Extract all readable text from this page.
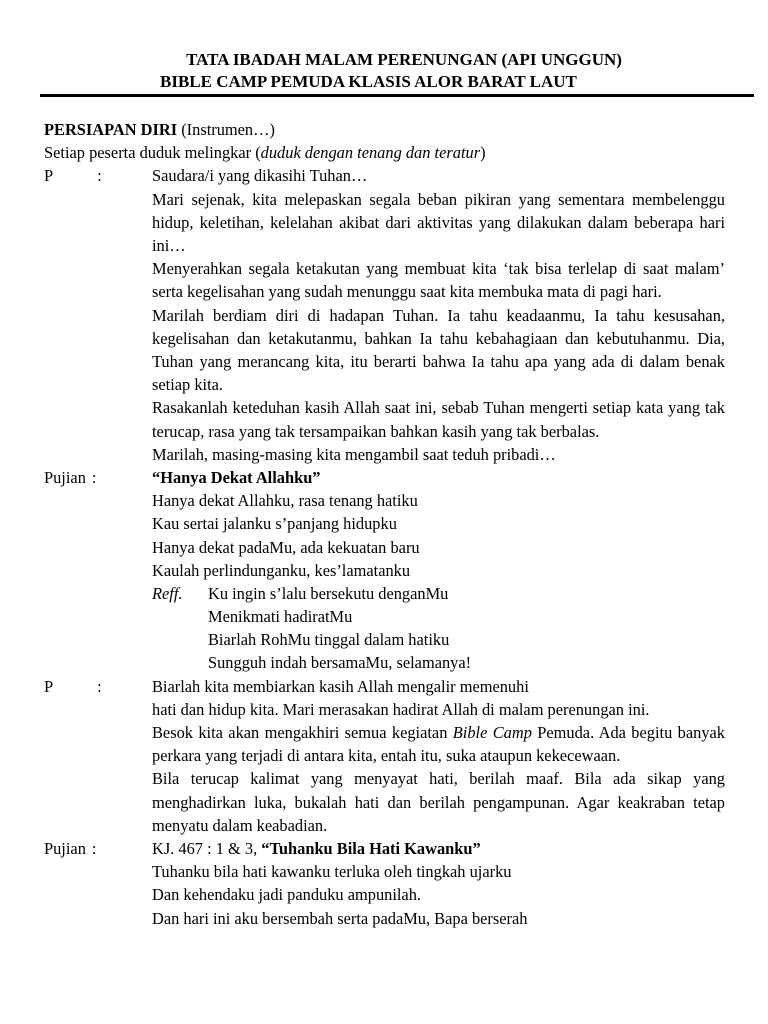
TATA IBADAH MALAM PERENUNGAN (API UNGGUN)
BIBLE CAMP PEMUDA KLASIS ALOR BARAT LAUT
PERSIAPAN DIRI (Instrumen…)
Setiap peserta duduk melingkar (duduk dengan tenang dan teratur)
P	:	Saudara/i yang dikasihi Tuhan…
Mari sejenak, kita melepaskan segala beban pikiran yang sementara membelenggu hidup, keletihan, kelelahan akibat dari aktivitas yang dilakukan dalam beberapa hari ini…
Menyerahkan segala ketakutan yang membuat kita ‘tak bisa terlelap di saat malam’ serta kegelisahan yang sudah menunggu saat kita membuka mata di pagi hari.
Marilah berdiam diri di hadapan Tuhan. Ia tahu keadaanmu, Ia tahu kesusahan, kegelisahan dan ketakutanmu, bahkan Ia tahu kebahagiaan dan kebutuhanmu. Dia, Tuhan yang merancang kita, itu berarti bahwa Ia tahu apa yang ada di dalam benak setiap kita.
Rasakanlah keteduhan kasih Allah saat ini, sebab Tuhan mengerti setiap kata yang tak terucap, rasa yang tak tersampaikan bahkan kasih yang tak berbalas.
Marilah, masing-masing kita mengambil saat teduh pribadi…
Pujian :	“Hanya Dekat Allahku”
Hanya dekat Allahku, rasa tenang hatiku
Kau sertai jalanku s’panjang hidupku
Hanya dekat padaMu, ada kekuatan baru
Kaulah perlindunganku, kes’lamatanku
Reff.	Ku ingin s’lalu bersekutu denganMu
Menikmati hadiratMu
Biarlah RohMu tinggal dalam hatiku
Sungguh indah bersamaMu, selamanya!
P	:	Biarlah kita membiarkan kasih Allah mengalir memenuhi
hati dan hidup kita. Mari merasakan hadirat Allah di malam perenungan ini.
Besok kita akan mengakhiri semua kegiatan Bible Camp Pemuda. Ada begitu banyak perkara yang terjadi di antara kita, entah itu, suka ataupun kekecewaan.
Bila terucap kalimat yang menyayat hati, berilah maaf. Bila ada sikap yang menghadirkan luka, bukalah hati dan berilah pengampunan. Agar keakraban tetap menyatu dalam keabadian.
Pujian :	KJ. 467 : 1 & 3, “Tuhanku Bila Hati Kawanku”
Tuhanku bila hati kawanku terluka oleh tingkah ujarku
Dan kehendaku jadi panduku ampunilah.
Dan hari ini aku bersembah serta padaMu, Bapa berserah
